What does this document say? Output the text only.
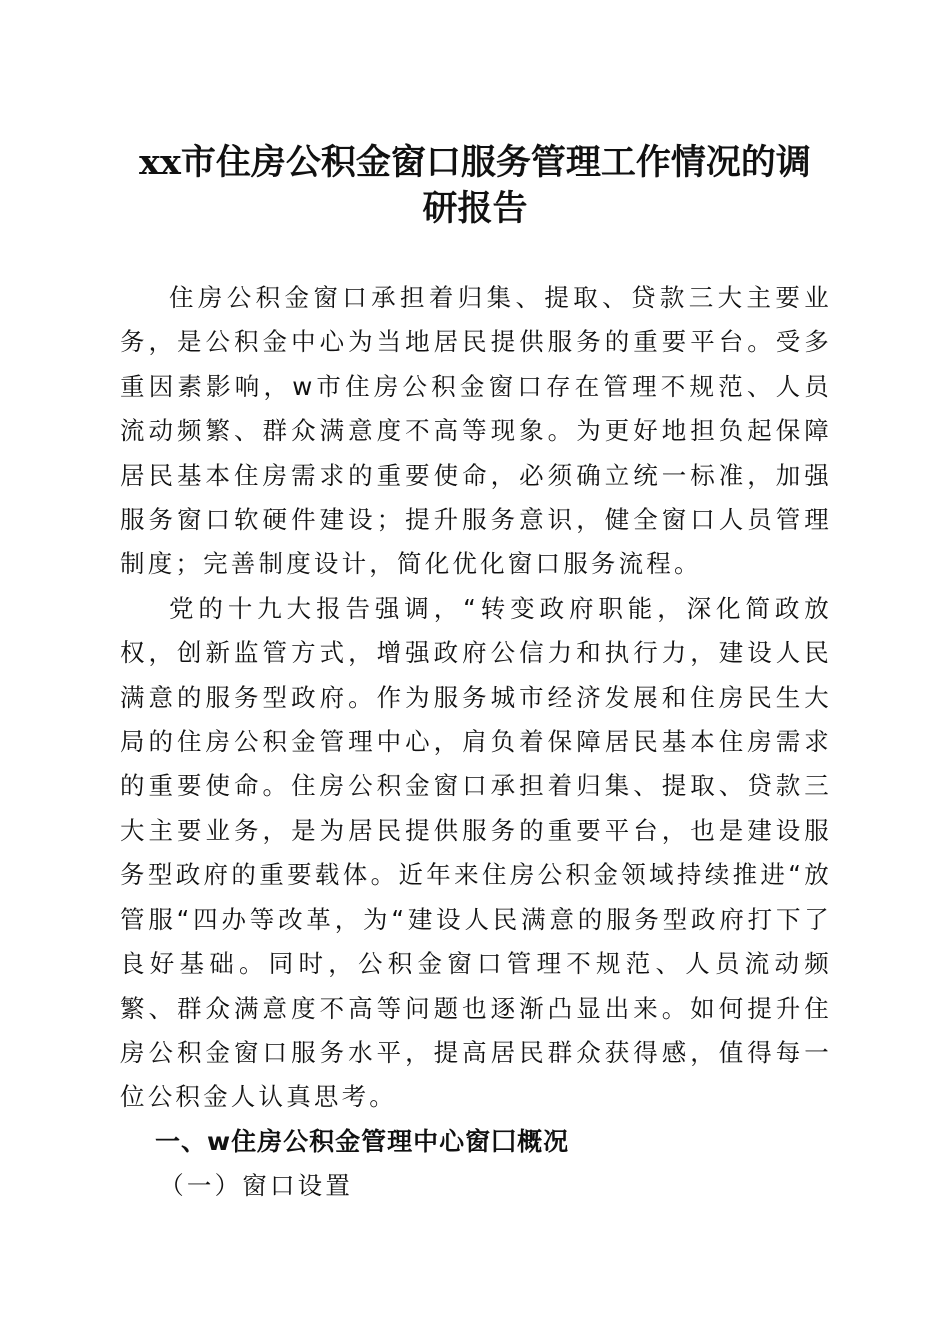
xx市住房公积金窗口服务管理工作情况的调
研报告

住房公积金窗口承担着归集、提取、贷款三大主要业务，是公积金中心为当地居民提供服务的重要平台。受多重因素影响，w市住房公积金窗口存在管理不规范、人员流动频繁、群众满意度不高等现象。为更好地担负起保障居民基本住房需求的重要使命，必须确立统一标准，加强服务窗口软硬件建设；提升服务意识，健全窗口人员管理制度；完善制度设计，简化优化窗口服务流程。

党的十九大报告强调，“转变政府职能，深化简政放权，创新监管方式，增强政府公信力和执行力，建设人民满意的服务型政府。作为服务城市经济发展和住房民生大局的住房公积金管理中心，肩负着保障居民基本住房需求的重要使命。住房公积金窗口承担着归集、提取、贷款三大主要业务，是为居民提供服务的重要平台，也是建设服务型政府的重要载体。近年来住房公积金领域持续推进“放管服“四办等改革，为“建设人民满意的服务型政府打下了良好基础。同时，公积金窗口管理不规范、人员流动频繁、群众满意度不高等问题也逐渐凸显出来。如何提升住房公积金窗口服务水平，提高居民群众获得感，值得每一位公积金人认真思考。

一、w住房公积金管理中心窗囗概况

（一）窗口设置
